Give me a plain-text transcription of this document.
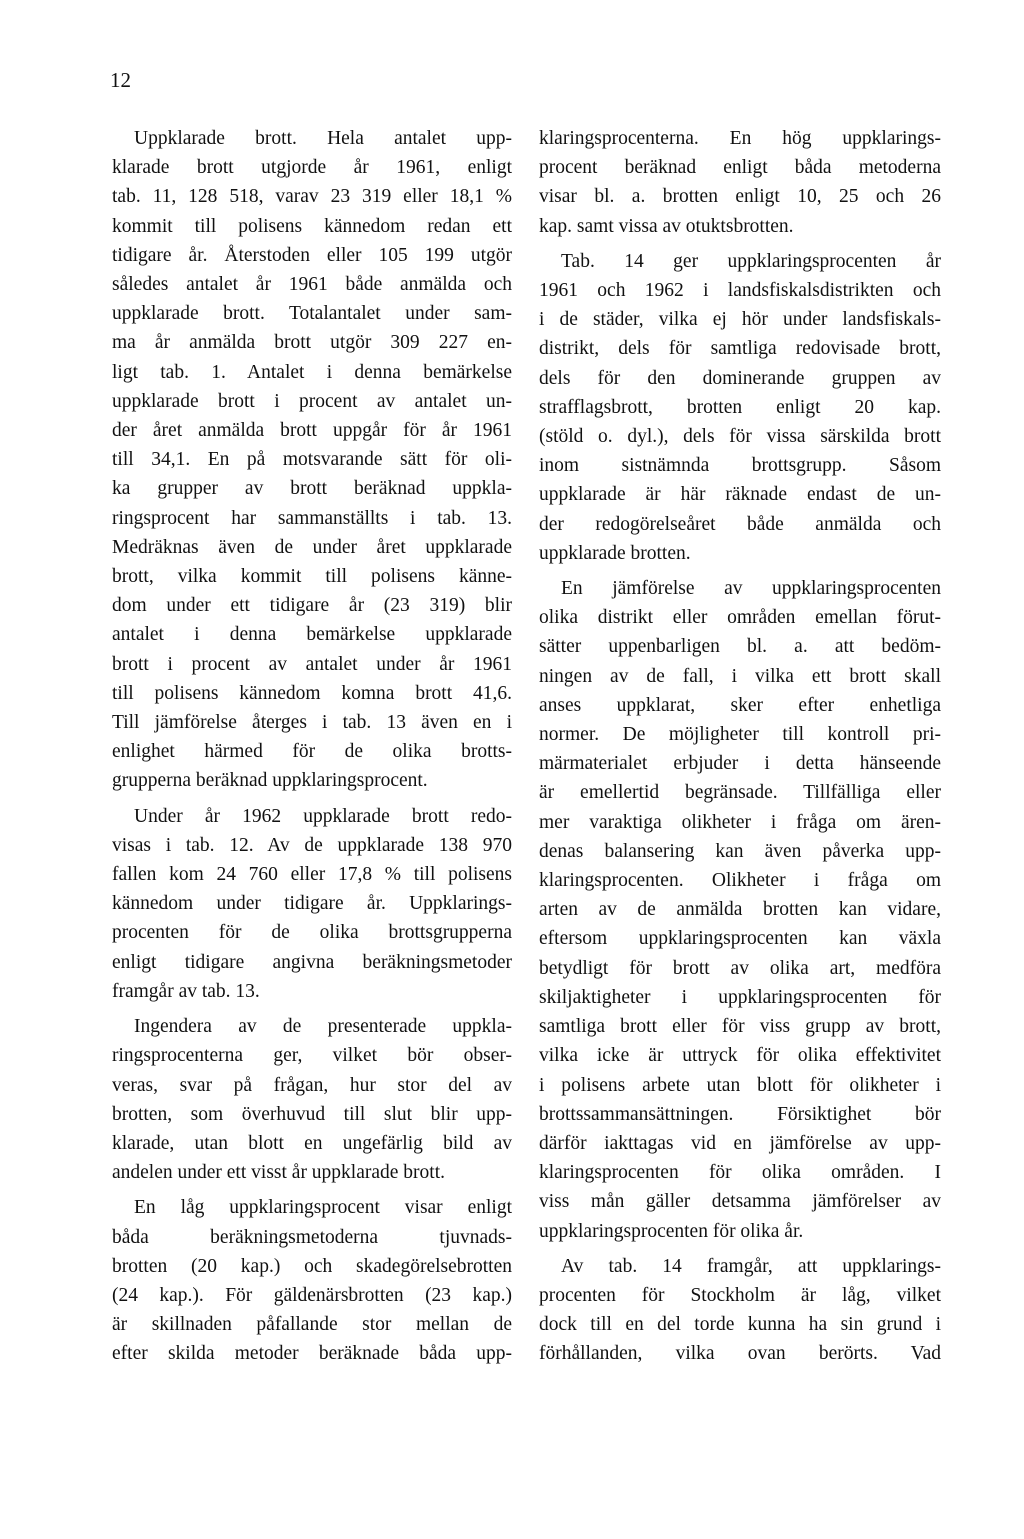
12
Uppklarade brott. Hela antalet upp-
klarade brott utgjorde år 1961, enligt
tab. 11, 128 518, varav 23 319 eller 18,1 %
kommit till polisens kännedom redan ett
tidigare år. Återstoden eller 105 199 utgör
således antalet år 1961 både anmälda och
uppklarade brott. Totalantalet under sam-
ma år anmälda brott utgör 309 227 en-
ligt tab. 1. Antalet i denna bemärkelse
uppklarade brott i procent av antalet un-
der året anmälda brott uppgår för år 1961
till 34,1. En på motsvarande sätt för oli-
ka grupper av brott beräknad uppkla-
ringsprocent har sammanställts i tab. 13.
Medräknas även de under året uppklarade
brott, vilka kommit till polisens känne-
dom under ett tidigare år (23 319) blir
antalet i denna bemärkelse uppklarade
brott i procent av antalet under år 1961
till polisens kännedom komna brott 41,6.
Till jämförelse återges i tab. 13 även en i
enlighet härmed för de olika brotts-
grupperna beräknad uppklaringsprocent.
Under år 1962 uppklarade brott redo-
visas i tab. 12. Av de uppklarade 138 970
fallen kom 24 760 eller 17,8 % till polisens
kännedom under tidigare år. Uppklarings-
procenten för de olika brottsgrupperna
enligt tidigare angivna beräkningsmetoder
framgår av tab. 13.
Ingendera av de presenterade uppkla-
ringsprocenterna ger, vilket bör obser-
veras, svar på frågan, hur stor del av
brotten, som överhuvud till slut blir upp-
klarade, utan blott en ungefärlig bild av
andelen under ett visst år uppklarade brott.
En låg uppklaringsprocent visar enligt
båda beräkningsmetoderna tjuvnads-
brotten (20 kap.) och skadegörelsebrotten
(24 kap.). För gäldenärsbrotten (23 kap.)
är skillnaden påfallande stor mellan de
efter skilda metoder beräknade båda upp-
klaringsprocenterna. En hög uppklarings-
procent beräknad enligt båda metoderna
visar bl. a. brotten enligt 10, 25 och 26
kap. samt vissa av otuktsbrotten.
Tab. 14 ger uppklaringsprocenten år
1961 och 1962 i landsfiskalsdistrikten och
i de städer, vilka ej hör under landsfiskals-
distrikt, dels för samtliga redovisade brott,
dels för den dominerande gruppen av
strafflagsbrott, brotten enligt 20 kap.
(stöld o. dyl.), dels för vissa särskilda brott
inom sistnämnda brottsgrupp. Såsom
uppklarade är här räknade endast de un-
der redogörelseåret både anmälda och
uppklarade brotten.
En jämförelse av uppklaringsprocenten
olika distrikt eller områden emellan förut-
sätter uppenbarligen bl. a. att bedöm-
ningen av de fall, i vilka ett brott skall
anses uppklarat, sker efter enhetliga
normer. De möjligheter till kontroll pri-
märmaterialet erbjuder i detta hänseende
är emellertid begränsade. Tillfälliga eller
mer varaktiga olikheter i fråga om ären-
denas balansering kan även påverka upp-
klaringsprocenten. Olikheter i fråga om
arten av de anmälda brotten kan vidare,
eftersom uppklaringsprocenten kan växla
betydligt för brott av olika art, medföra
skiljaktigheter i uppklaringsprocenten för
samtliga brott eller för viss grupp av brott,
vilka icke är uttryck för olika effektivitet
i polisens arbete utan blott för olikheter i
brottssammansättningen. Försiktighet bör
därför iakttagas vid en jämförelse av upp-
klaringsprocenten för olika områden. I
viss mån gäller detsamma jämförelser av
uppklaringsprocenten för olika år.
Av tab. 14 framgår, att uppklarings-
procenten för Stockholm är låg, vilket
dock till en del torde kunna ha sin grund i
förhållanden, vilka ovan berörts. Vad
